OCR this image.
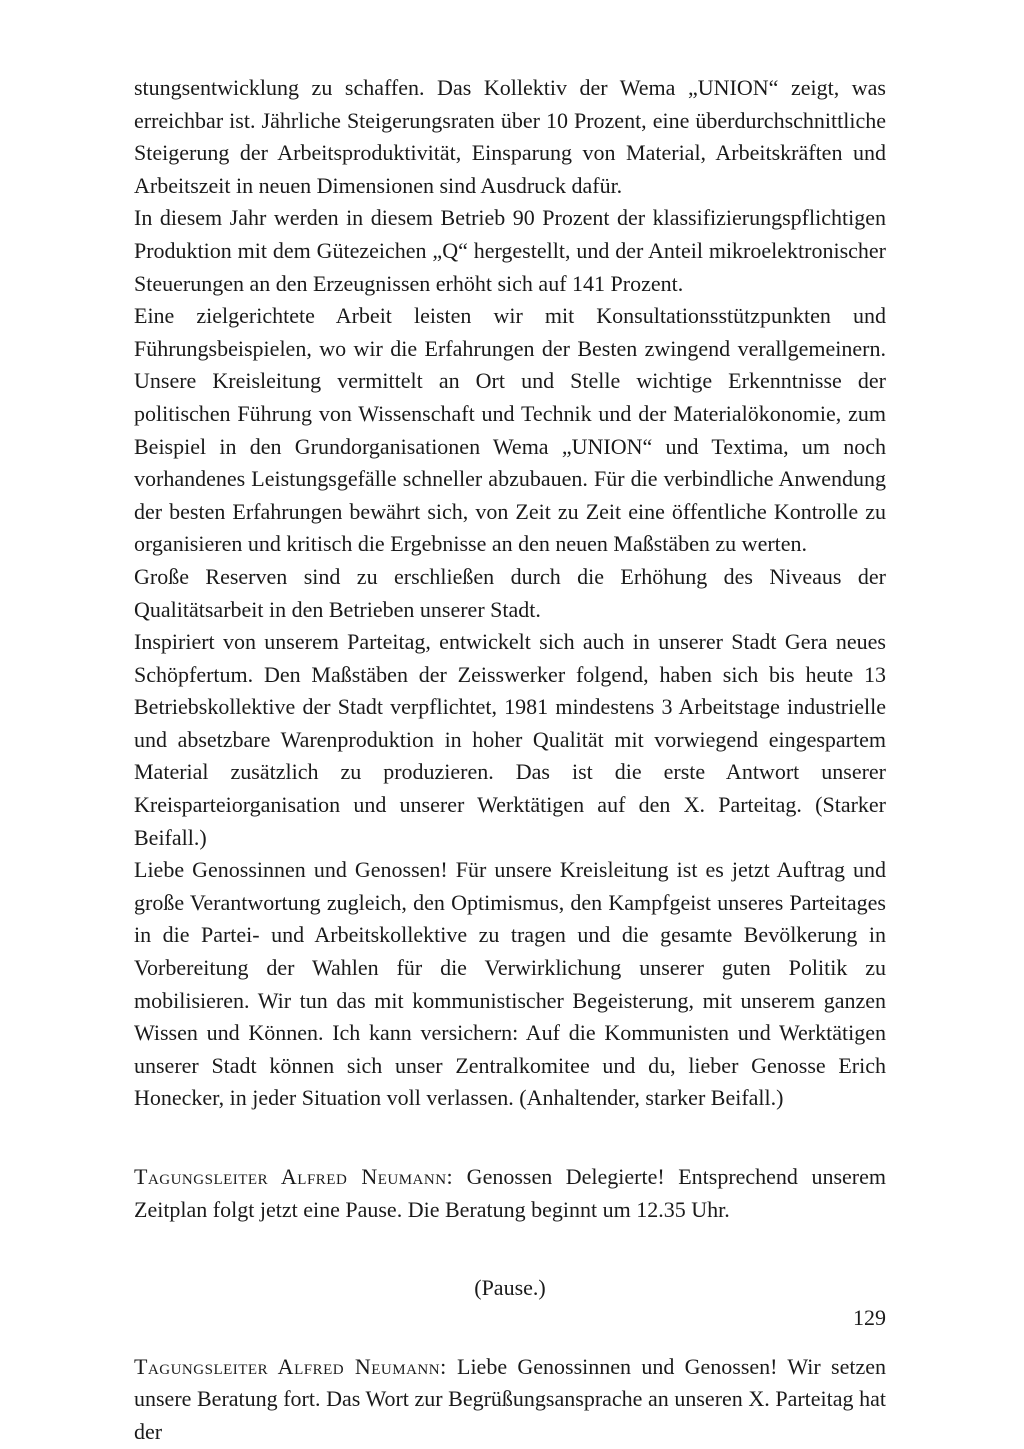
stungsentwicklung zu schaffen. Das Kollektiv der Wema „UNION“ zeigt, was erreichbar ist. Jährliche Steigerungsraten über 10 Prozent, eine überdurchschnittliche Steigerung der Arbeitsproduktivität, Einsparung von Material, Arbeitskräften und Arbeitszeit in neuen Dimensionen sind Ausdruck dafür.

In diesem Jahr werden in diesem Betrieb 90 Prozent der klassifizierungspflichtigen Produktion mit dem Gütezeichen „Q“ hergestellt, und der Anteil mikroelektronischer Steuerungen an den Erzeugnissen erhöht sich auf 141 Prozent.

Eine zielgerichtete Arbeit leisten wir mit Konsultationsstützpunkten und Führungsbeispielen, wo wir die Erfahrungen der Besten zwingend verallgemeinern. Unsere Kreisleitung vermittelt an Ort und Stelle wichtige Erkenntnisse der politischen Führung von Wissenschaft und Technik und der Materialökonomie, zum Beispiel in den Grundorganisationen Wema „UNION“ und Textima, um noch vorhandenes Leistungsgefälle schneller abzubauen. Für die verbindliche Anwendung der besten Erfahrungen bewährt sich, von Zeit zu Zeit eine öffentliche Kontrolle zu organisieren und kritisch die Ergebnisse an den neuen Maßstäben zu werten.

Große Reserven sind zu erschließen durch die Erhöhung des Niveaus der Qualitätsarbeit in den Betrieben unserer Stadt.

Inspiriert von unserem Parteitag, entwickelt sich auch in unserer Stadt Gera neues Schöpfertum. Den Maßstäben der Zeisswerker folgend, haben sich bis heute 13 Betriebskollektive der Stadt verpflichtet, 1981 mindestens 3 Arbeitstage industrielle und absetzbare Warenproduktion in hoher Qualität mit vorwiegend eingespartem Material zusätzlich zu produzieren. Das ist die erste Antwort unserer Kreisparteiorganisation und unserer Werktätigen auf den X. Parteitag. (Starker Beifall.)

Liebe Genossinnen und Genossen! Für unsere Kreisleitung ist es jetzt Auftrag und große Verantwortung zugleich, den Optimismus, den Kampfgeist unseres Parteitages in die Partei- und Arbeitskollektive zu tragen und die gesamte Bevölkerung in Vorbereitung der Wahlen für die Verwirklichung unserer guten Politik zu mobilisieren. Wir tun das mit kommunistischer Begeisterung, mit unserem ganzen Wissen und Können. Ich kann versichern: Auf die Kommunisten und Werktätigen unserer Stadt können sich unser Zentralkomitee und du, lieber Genosse Erich Honecker, in jeder Situation voll verlassen. (Anhaltender, starker Beifall.)

Tagungsleiter Alfred Neumann: Genossen Delegierte! Entsprechend unserem Zeitplan folgt jetzt eine Pause. Die Beratung beginnt um 12.35 Uhr.

(Pause.)

Tagungsleiter Alfred Neumann: Liebe Genossinnen und Genossen! Wir setzen unsere Beratung fort. Das Wort zur Begrüßungsansprache an unseren X. Parteitag hat der

129
